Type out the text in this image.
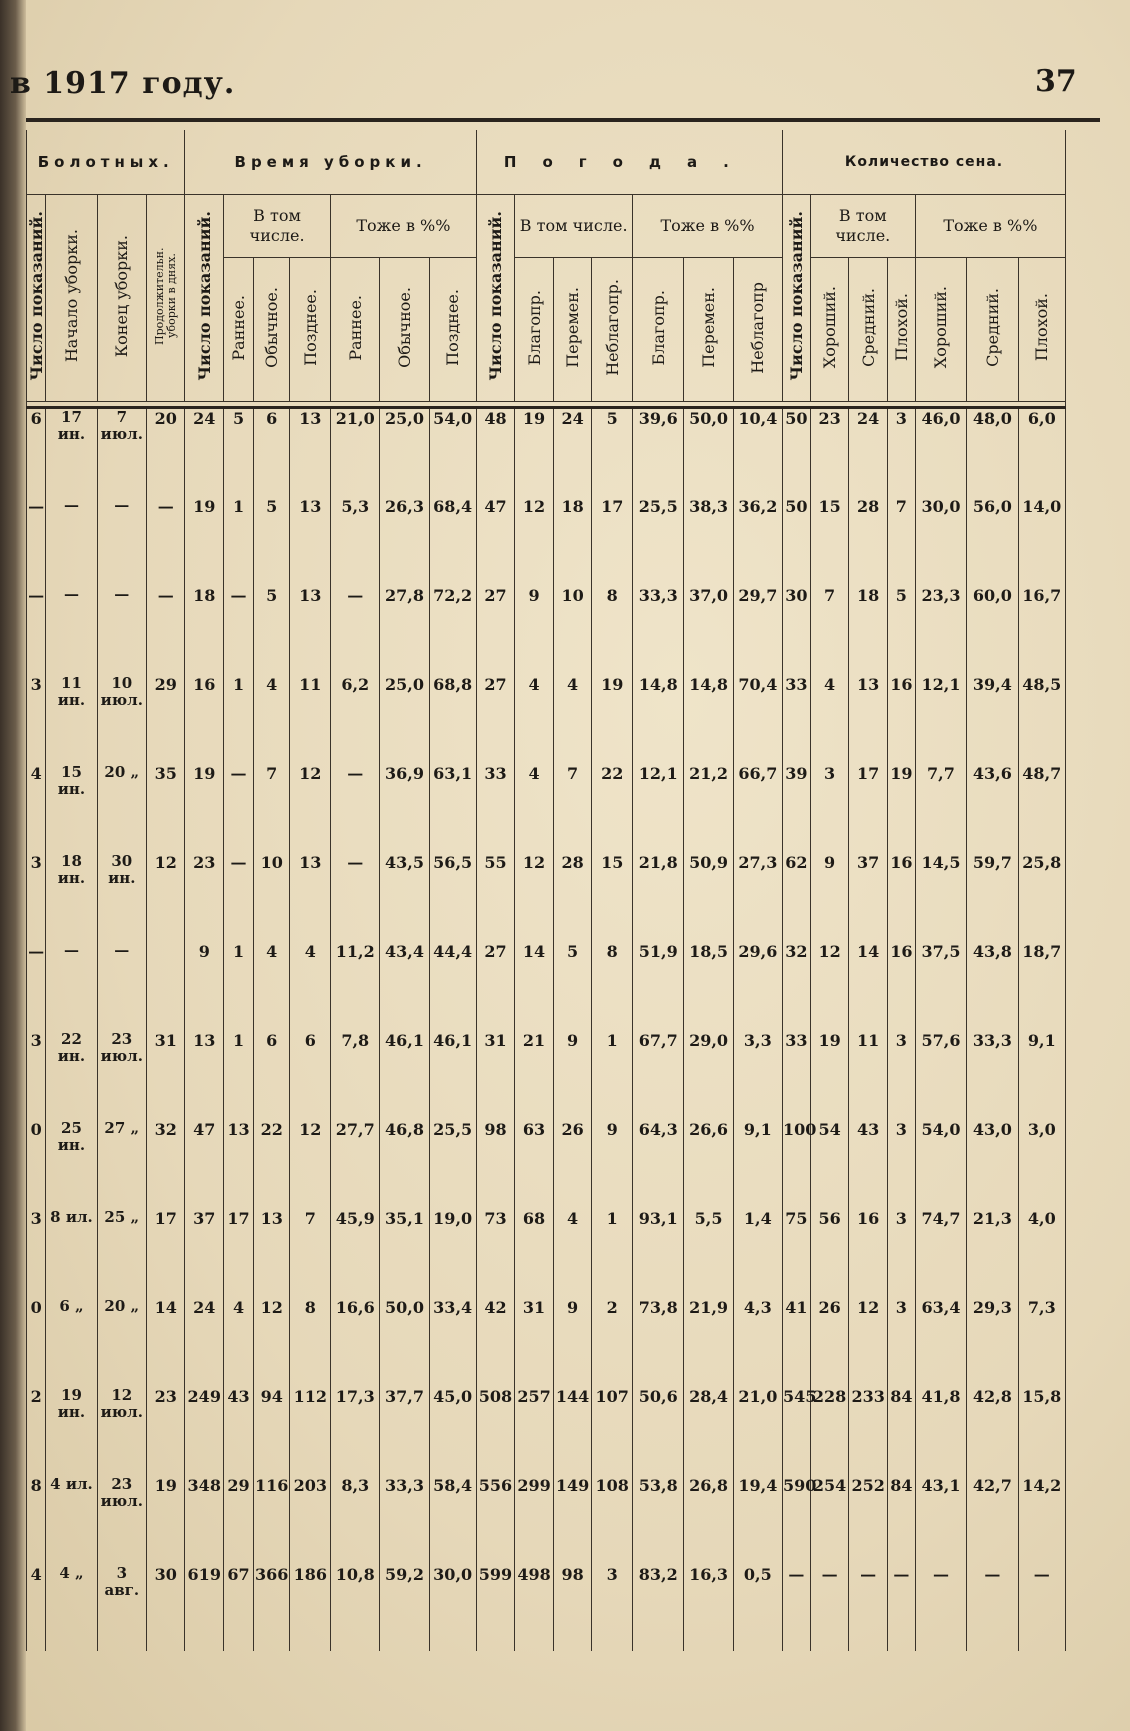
в 1917 году.	37
Болотных.				Время уборки.							Погода.							Количество сена.						
Число показаний.	Начало уборки.	Конец уборки.	Продолжительн. уборки в днях.	Число показаний.	В том числе.			Тоже в %%			Число показаний.	В том числе.			Тоже в %%			Число показаний.	В том числе.			Тоже в %%		
					Раннее.	Обычное.	Позднее.	Раннее.	Обычное.	Позднее.		Благопр.	Перемен.	Неблагопр.	Благопр.	Перемен.	Неблагопр		Хороший.	Средний.	Плохой.	Хороший.	Средний.	Плохой.

6	17 ин.	7 июл.	20	24	5	6	13	21,0	25,0	54,0	48	19	24	5	39,6	50,0	10,4	50	23	24	3	46,0	48,0	6,0
—	—	—	—	19	1	5	13	5,3	26,3	68,4	47	12	18	17	25,5	38,3	36,2	50	15	28	7	30,0	56,0	14,0
—	—	—	—	18	—	5	13	—	27,8	72,2	27	9	10	8	33,3	37,0	29,7	30	7	18	5	23,3	60,0	16,7
3	11 ин.	10 июл.	29	16	1	4	11	6,2	25,0	68,8	27	4	4	19	14,8	14,8	70,4	33	4	13	16	12,1	39,4	48,5
4	15 ин.	20 „	35	19	—	7	12	—	36,9	63,1	33	4	7	22	12,1	21,2	66,7	39	3	17	19	7,7	43,6	48,7
3	18 ин.	30 ин.	12	23	—	10	13	—	43,5	56,5	55	12	28	15	21,8	50,9	27,3	62	9	37	16	14,5	59,7	25,8
—	—	—		9	1	4	4	11,2	43,4	44,4	27	14	5	8	51,9	18,5	29,6	32	12	14	16	37,5	43,8	18,7
3	22 ин.	23 июл.	31	13	1	6	6	7,8	46,1	46,1	31	21	9	1	67,7	29,0	3,3	33	19	11	3	57,6	33,3	9,1
0	25 ин.	27 „	32	47	13	22	12	27,7	46,8	25,5	98	63	26	9	64,3	26,6	9,1	100	54	43	3	54,0	43,0	3,0
3	8 ил.	25 „	17	37	17	13	7	45,9	35,1	19,0	73	68	4	1	93,1	5,5	1,4	75	56	16	3	74,7	21,3	4,0
0	6 „	20 „	14	24	4	12	8	16,6	50,0	33,4	42	31	9	2	73,8	21,9	4,3	41	26	12	3	63,4	29,3	7,3
2	19 ин.	12 июл.	23	249	43	94	112	17,3	37,7	45,0	508	257	144	107	50,6	28,4	21,0	545	228	233	84	41,8	42,8	15,8
8	4 ил.	23 июл.	19	348	29	116	203	8,3	33,3	58,4	556	299	149	108	53,8	26,8	19,4	590	254	252	84	43,1	42,7	14,2
4	4 „	3 авг.	30	619	67	366	186	10,8	59,2	30,0	599	498	98	3	83,2	16,3	0,5	—	—	—	—	—	—	—
